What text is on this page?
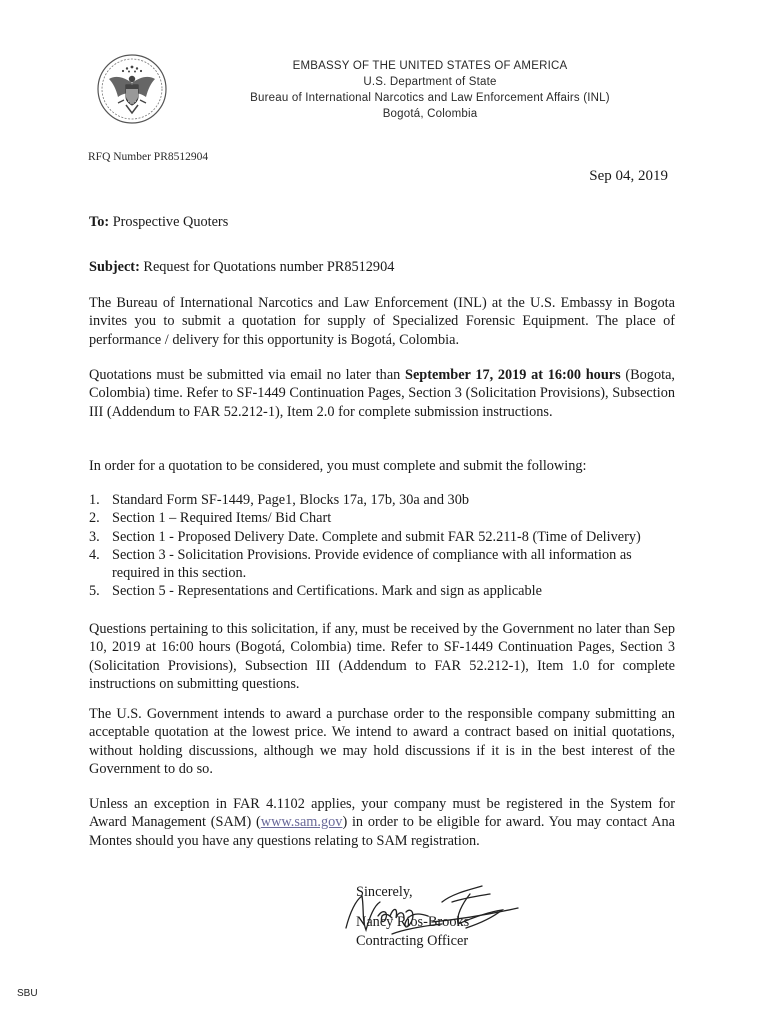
EMBASSY OF THE UNITED STATES OF AMERICA
U.S. Department of State
Bureau of International Narcotics and Law Enforcement Affairs (INL)
Bogotá, Colombia
RFQ Number PR8512904
Sep 04, 2019
To: Prospective Quoters
Subject: Request for Quotations number PR8512904
The Bureau of International Narcotics and Law Enforcement (INL) at the U.S. Embassy in Bogota invites you to submit a quotation for supply of Specialized Forensic Equipment. The place of performance / delivery for this opportunity is Bogotá, Colombia.
Quotations must be submitted via email no later than September 17, 2019 at 16:00 hours (Bogota, Colombia) time. Refer to SF-1449 Continuation Pages, Section 3 (Solicitation Provisions), Subsection III (Addendum to FAR 52.212-1), Item 2.0 for complete submission instructions.
In order for a quotation to be considered, you must complete and submit the following:
1. Standard Form SF-1449, Page1, Blocks 17a, 17b, 30a and 30b
2. Section 1 – Required Items/ Bid Chart
3. Section 1 - Proposed Delivery Date. Complete and submit FAR 52.211-8 (Time of Delivery)
4. Section 3 - Solicitation Provisions. Provide evidence of compliance with all information as required in this section.
5. Section 5 - Representations and Certifications. Mark and sign as applicable
Questions pertaining to this solicitation, if any, must be received by the Government no later than Sep 10, 2019 at 16:00 hours (Bogotá, Colombia) time. Refer to SF-1449 Continuation Pages, Section 3 (Solicitation Provisions), Subsection III (Addendum to FAR 52.212-1), Item 1.0 for complete instructions on submitting questions.
The U.S. Government intends to award a purchase order to the responsible company submitting an acceptable quotation at the lowest price. We intend to award a contract based on initial quotations, without holding discussions, although we may hold discussions if it is in the best interest of the Government to do so.
Unless an exception in FAR 4.1102 applies, your company must be registered in the System for Award Management (SAM) (www.sam.gov) in order to be eligible for award. You may contact Ana Montes should you have any questions relating to SAM registration.
Sincerely,
Nancy Rios-Brooks
Contracting Officer
SBU
